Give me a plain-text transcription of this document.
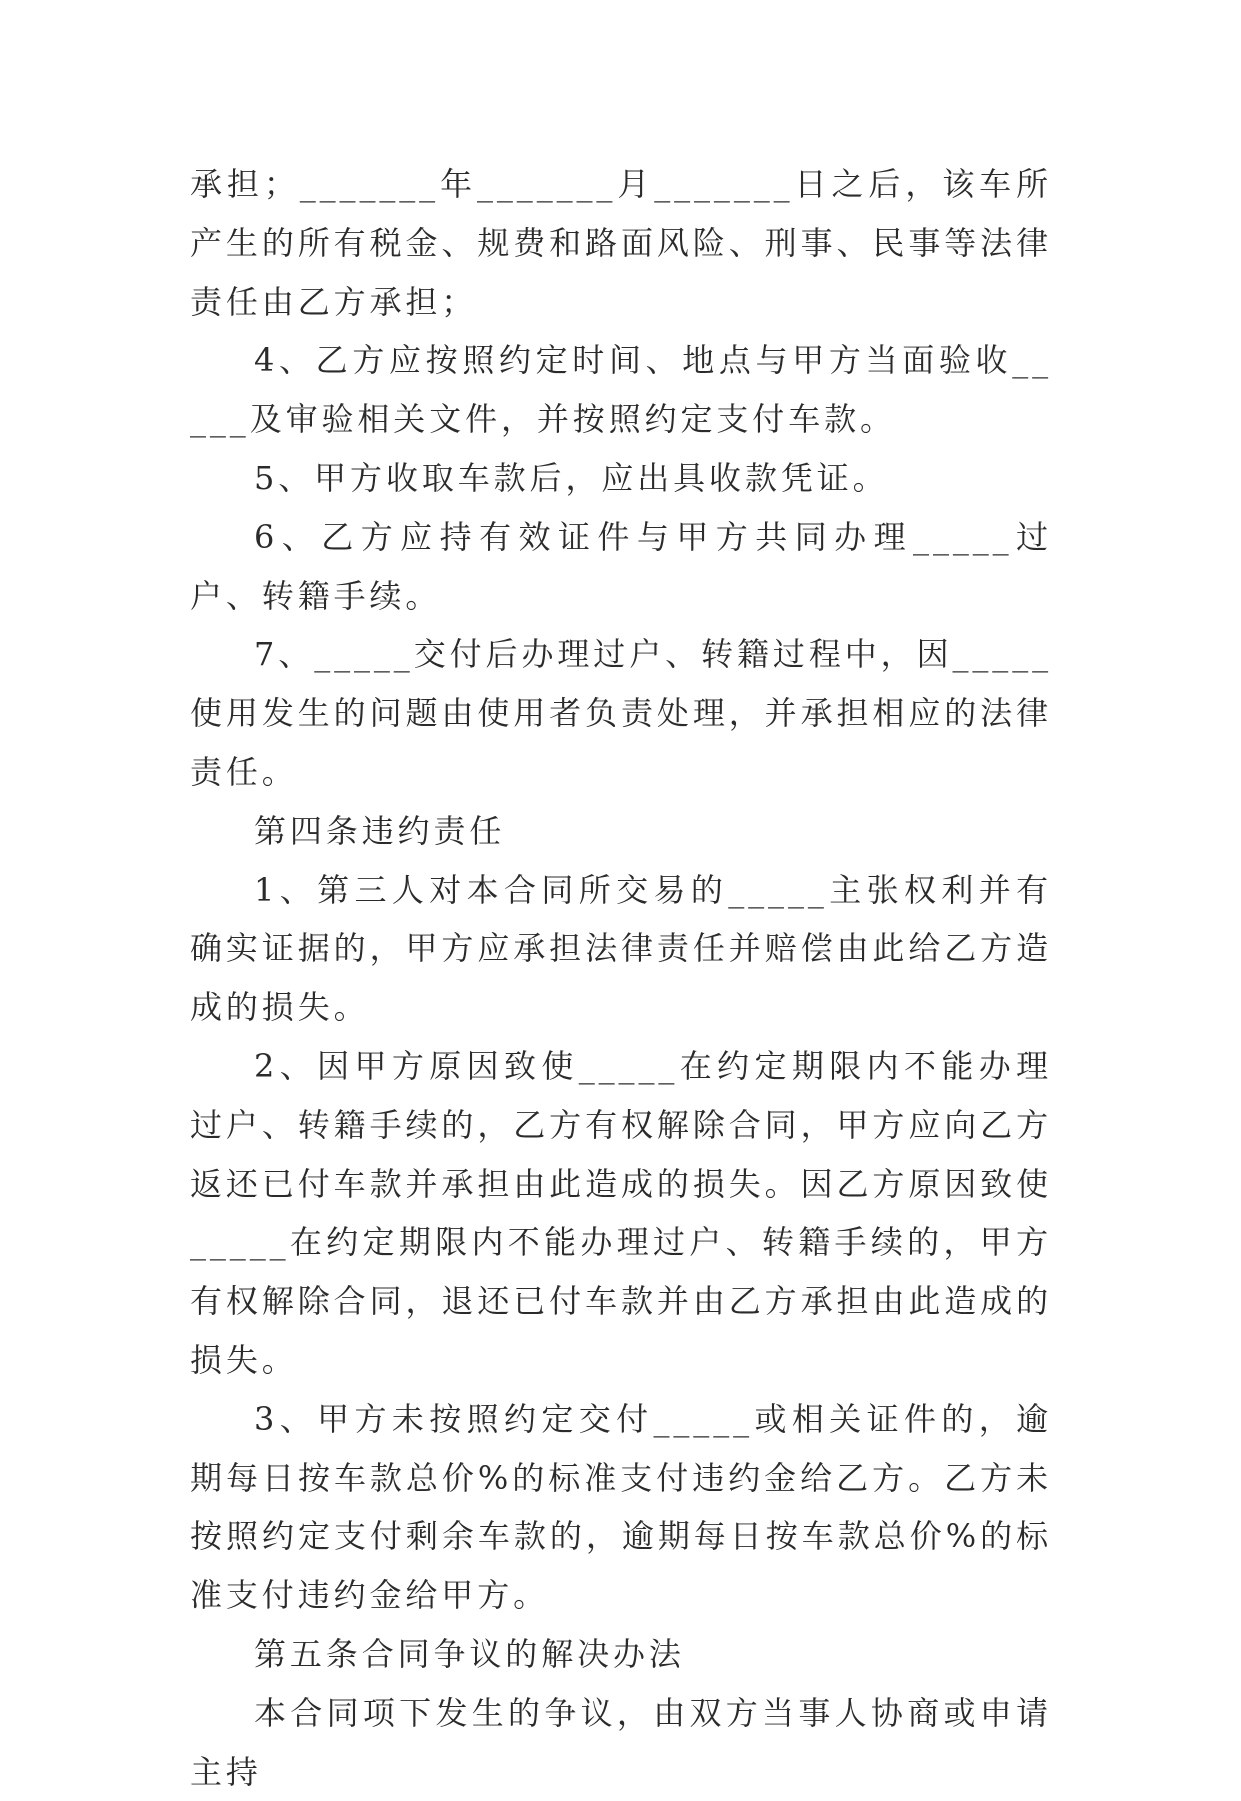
承担；_______年_______月_______日之后，该车所产生的所有税金、规费和路面风险、刑事、民事等法律责任由乙方承担；

4、乙方应按照约定时间、地点与甲方当面验收_____及审验相关文件，并按照约定支付车款。

5、甲方收取车款后，应出具收款凭证。

6、乙方应持有效证件与甲方共同办理_____过户、转籍手续。

7、_____交付后办理过户、转籍过程中，因_____使用发生的问题由使用者负责处理，并承担相应的法律责任。

第四条违约责任

1、第三人对本合同所交易的_____主张权利并有确实证据的，甲方应承担法律责任并赔偿由此给乙方造成的损失。

2、因甲方原因致使_____在约定期限内不能办理过户、转籍手续的，乙方有权解除合同，甲方应向乙方返还已付车款并承担由此造成的损失。因乙方原因致使_____在约定期限内不能办理过户、转籍手续的，甲方有权解除合同，退还已付车款并由乙方承担由此造成的损失。

3、甲方未按照约定交付_____或相关证件的，逾期每日按车款总价%的标准支付违约金给乙方。乙方未按照约定支付剩余车款的，逾期每日按车款总价%的标准支付违约金给甲方。

第五条合同争议的解决办法

本合同项下发生的争议，由双方当事人协商或申请主持
